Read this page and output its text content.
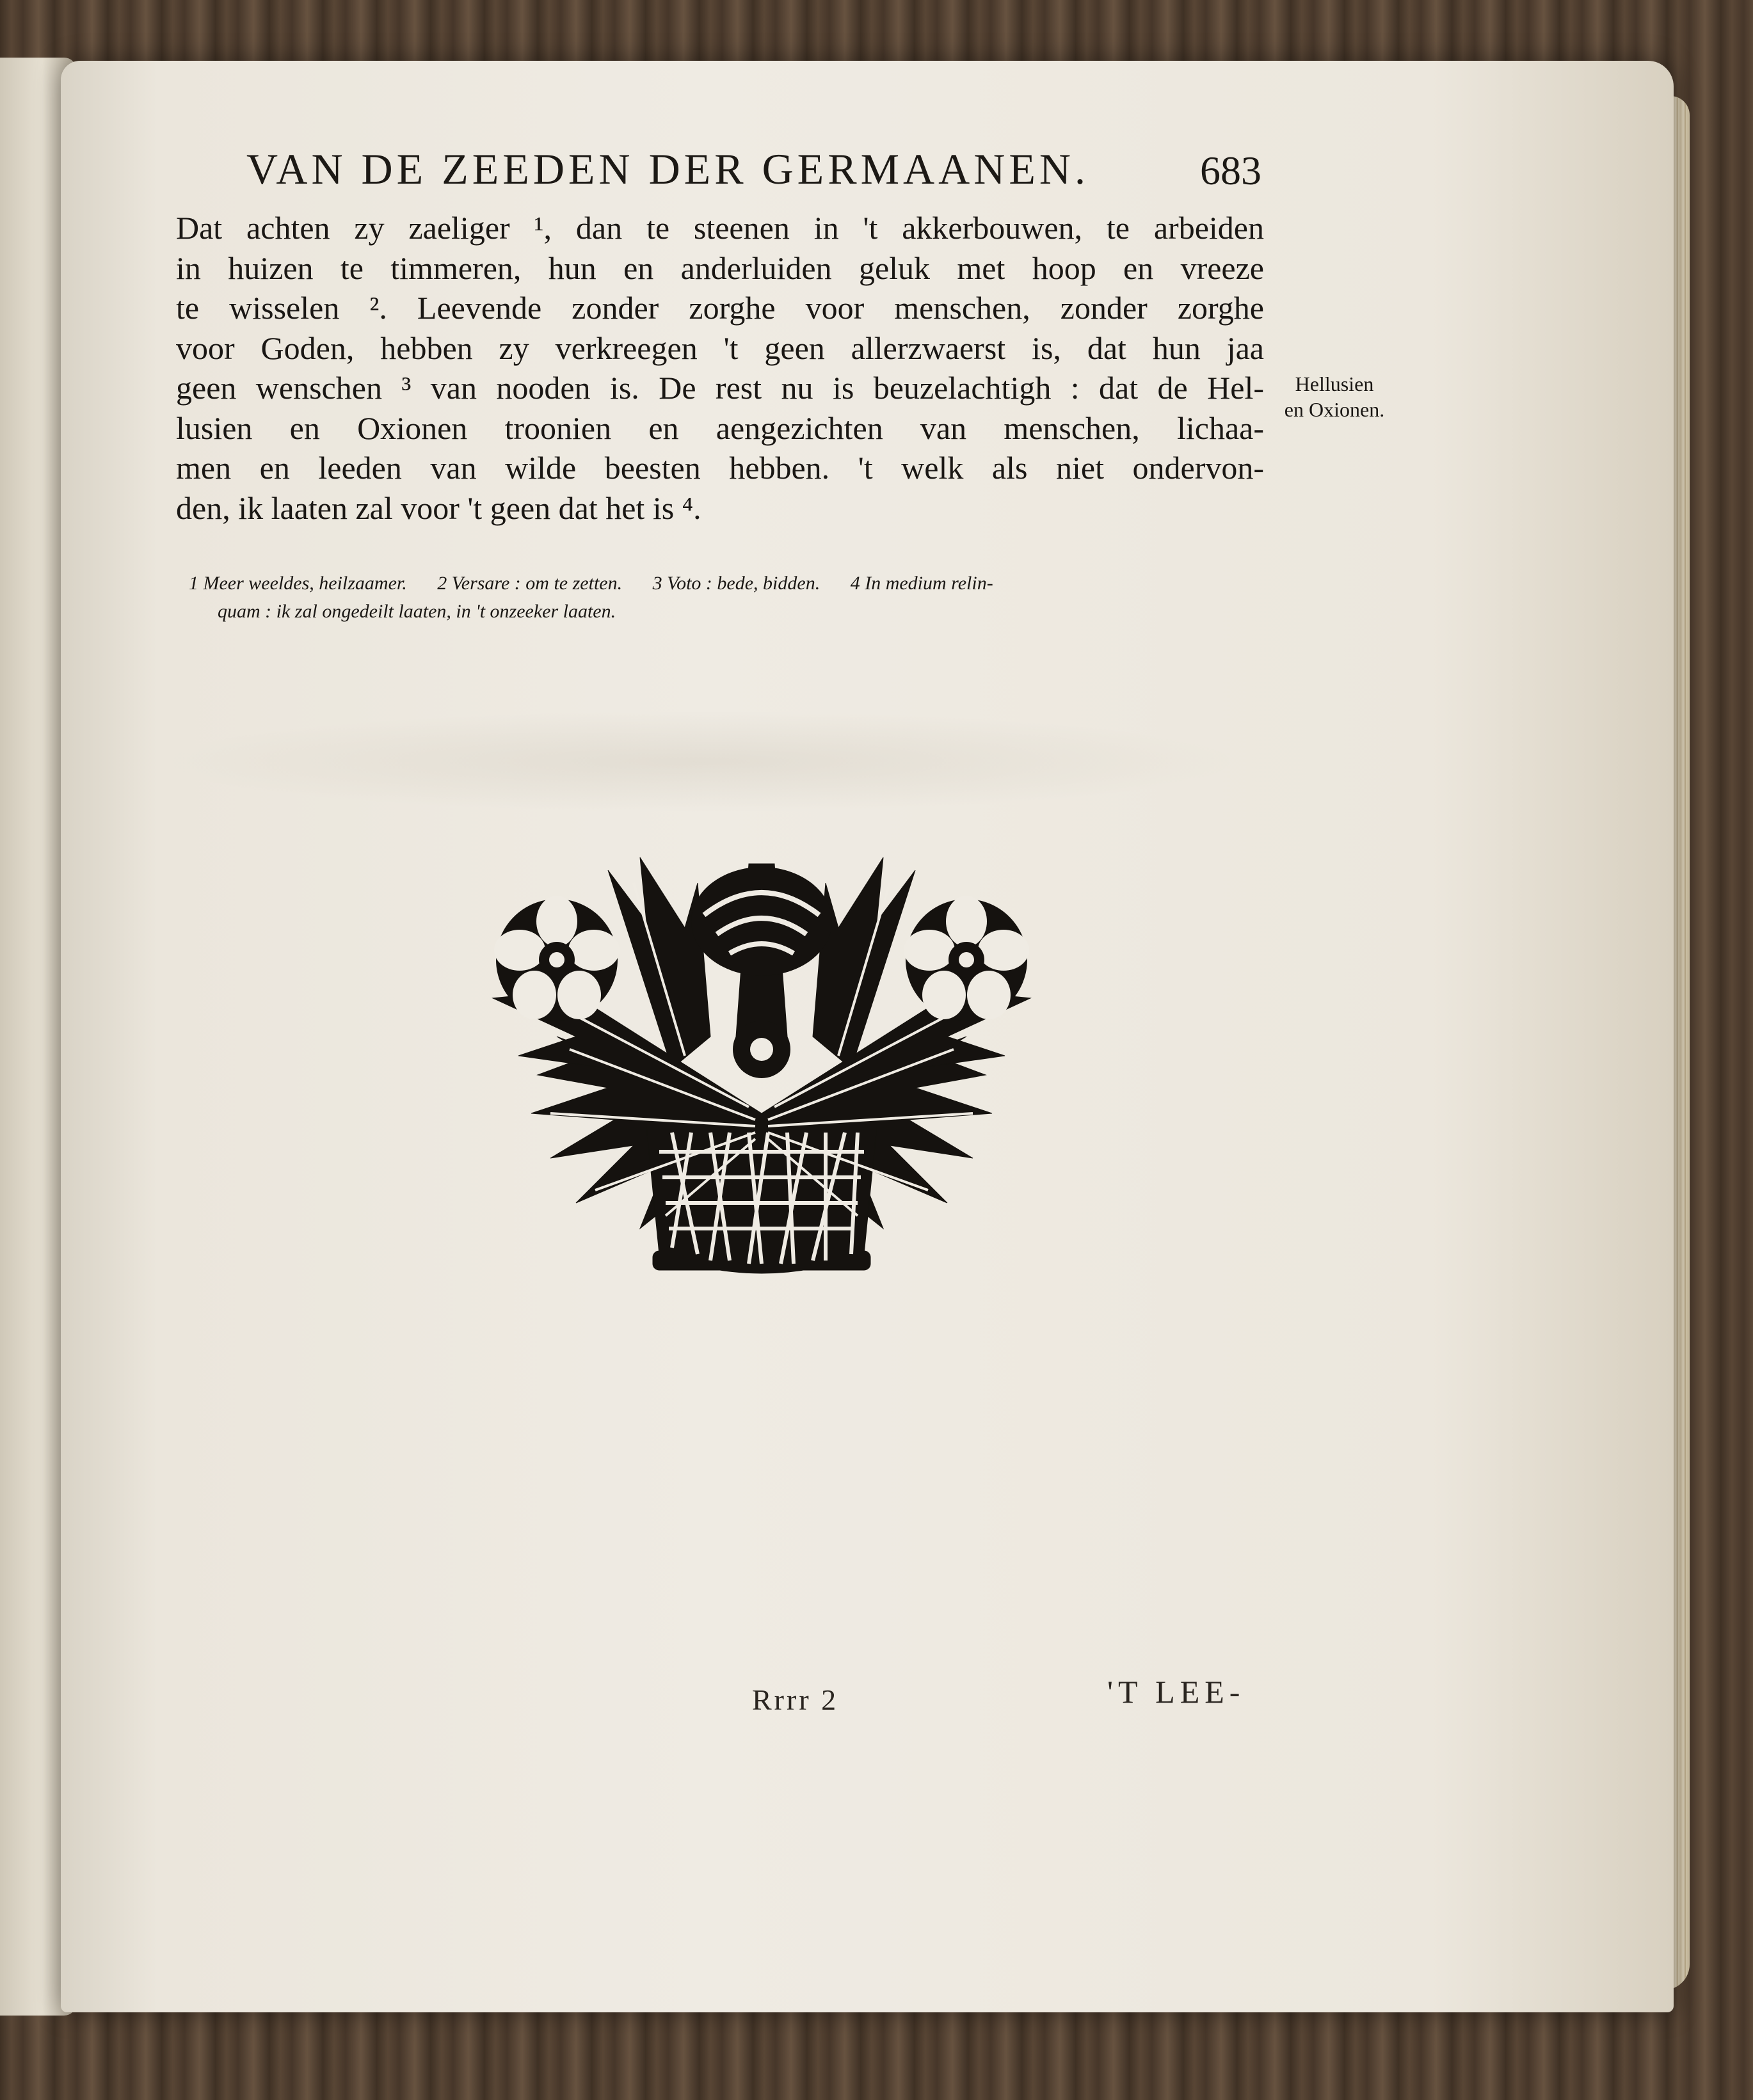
VAN DE ZEEDEN DER GERMAANEN.	683
Dat achten zy zaeliger ¹, dan te steenen in 't akkerbouwen, te arbeiden
in huizen te timmeren, hun en anderluiden geluk met hoop en vreeze
te wisselen ². Leevende zonder zorghe voor menschen, zonder zorghe
voor Goden, hebben zy verkreegen 't geen allerzwaerst is, dat hun jaa
geen wenschen ³ van nooden is. De rest nu is beuzelachtigh : dat de Hel-
lusien en Oxionen troonien en aengezichten van menschen, lichaa-
men en leeden van wilde beesten hebben. 't welk als niet ondervon-
den, ik laaten zal voor 't geen dat het is ⁴.
Hellusien
en Oxionen.
1 Meer weeldes, heilzaamer. 2 Versare : om te zetten. 3 Voto : bede, bidden. 4 In medium relin-
quam : ik zal ongedeilt laaten, in 't onzeeker laaten.
Rrrr 2	'T LEE-
